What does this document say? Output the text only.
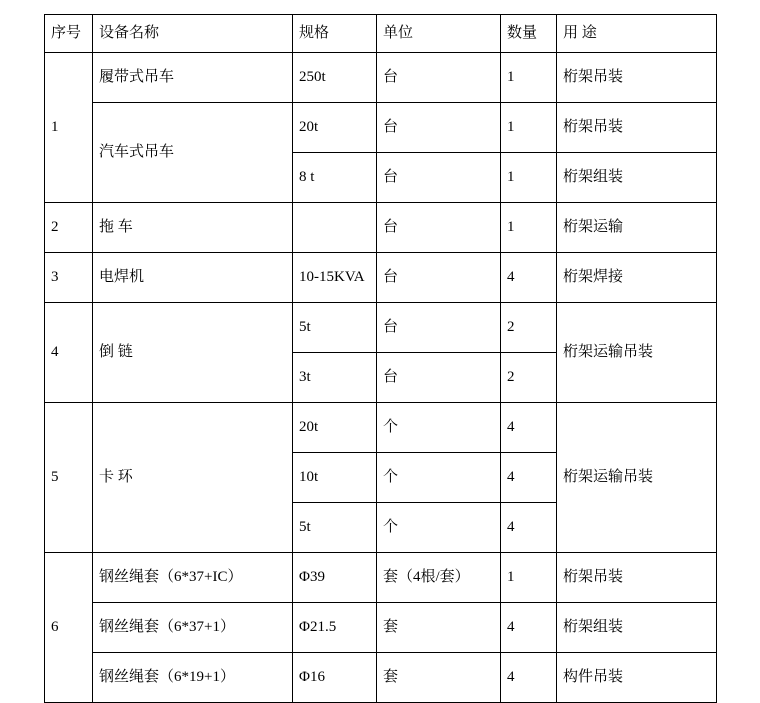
序号	设备名称	规格	单位	数量	用 途
1	履带式吊车	250t	台	1	桁架吊装
	汽车式吊车	20t	台	1	桁架吊装
		8 t	台	1	桁架组装
2	拖 车		台	1	桁架运输
3	电焊机	10-15KVA	台	4	桁架焊接
4	倒 链	5t	台	2	桁架运输吊装
		3t	台	2	
5	卡 环	20t	个	4	桁架运输吊装
		10t	个	4	
		5t	个	4	
6	钢丝绳套（6*37+IC）	Φ39	套（4根/套）	1	桁架吊装
	钢丝绳套（6*37+1）	Φ21.5	套	4	桁架组装
	钢丝绳套（6*19+1）	Φ16	套	4	构件吊装
